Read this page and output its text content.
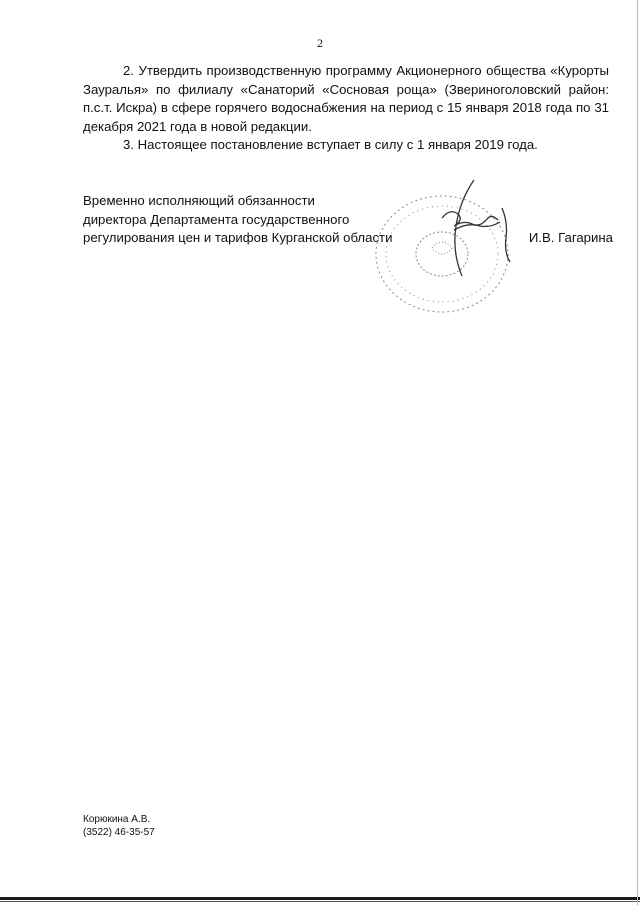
2

2. Утвердить производственную программу Акционерного общества «Курорты Зауралья» по филиалу «Санаторий «Сосновая роща» (Звериноголовский район: п.с.т. Искра) в сфере горячего водоснабжения на период с 15 января 2018 года по 31 декабря 2021 года в новой редакции.

3. Настоящее постановление вступает в силу с 1 января 2019 года.

Временно исполняющий обязанности
директора Департамента государственного
регулирования цен и тарифов Курганской области	И.В. Гагарина
Корюкина А.В.
(3522) 46-35-57
